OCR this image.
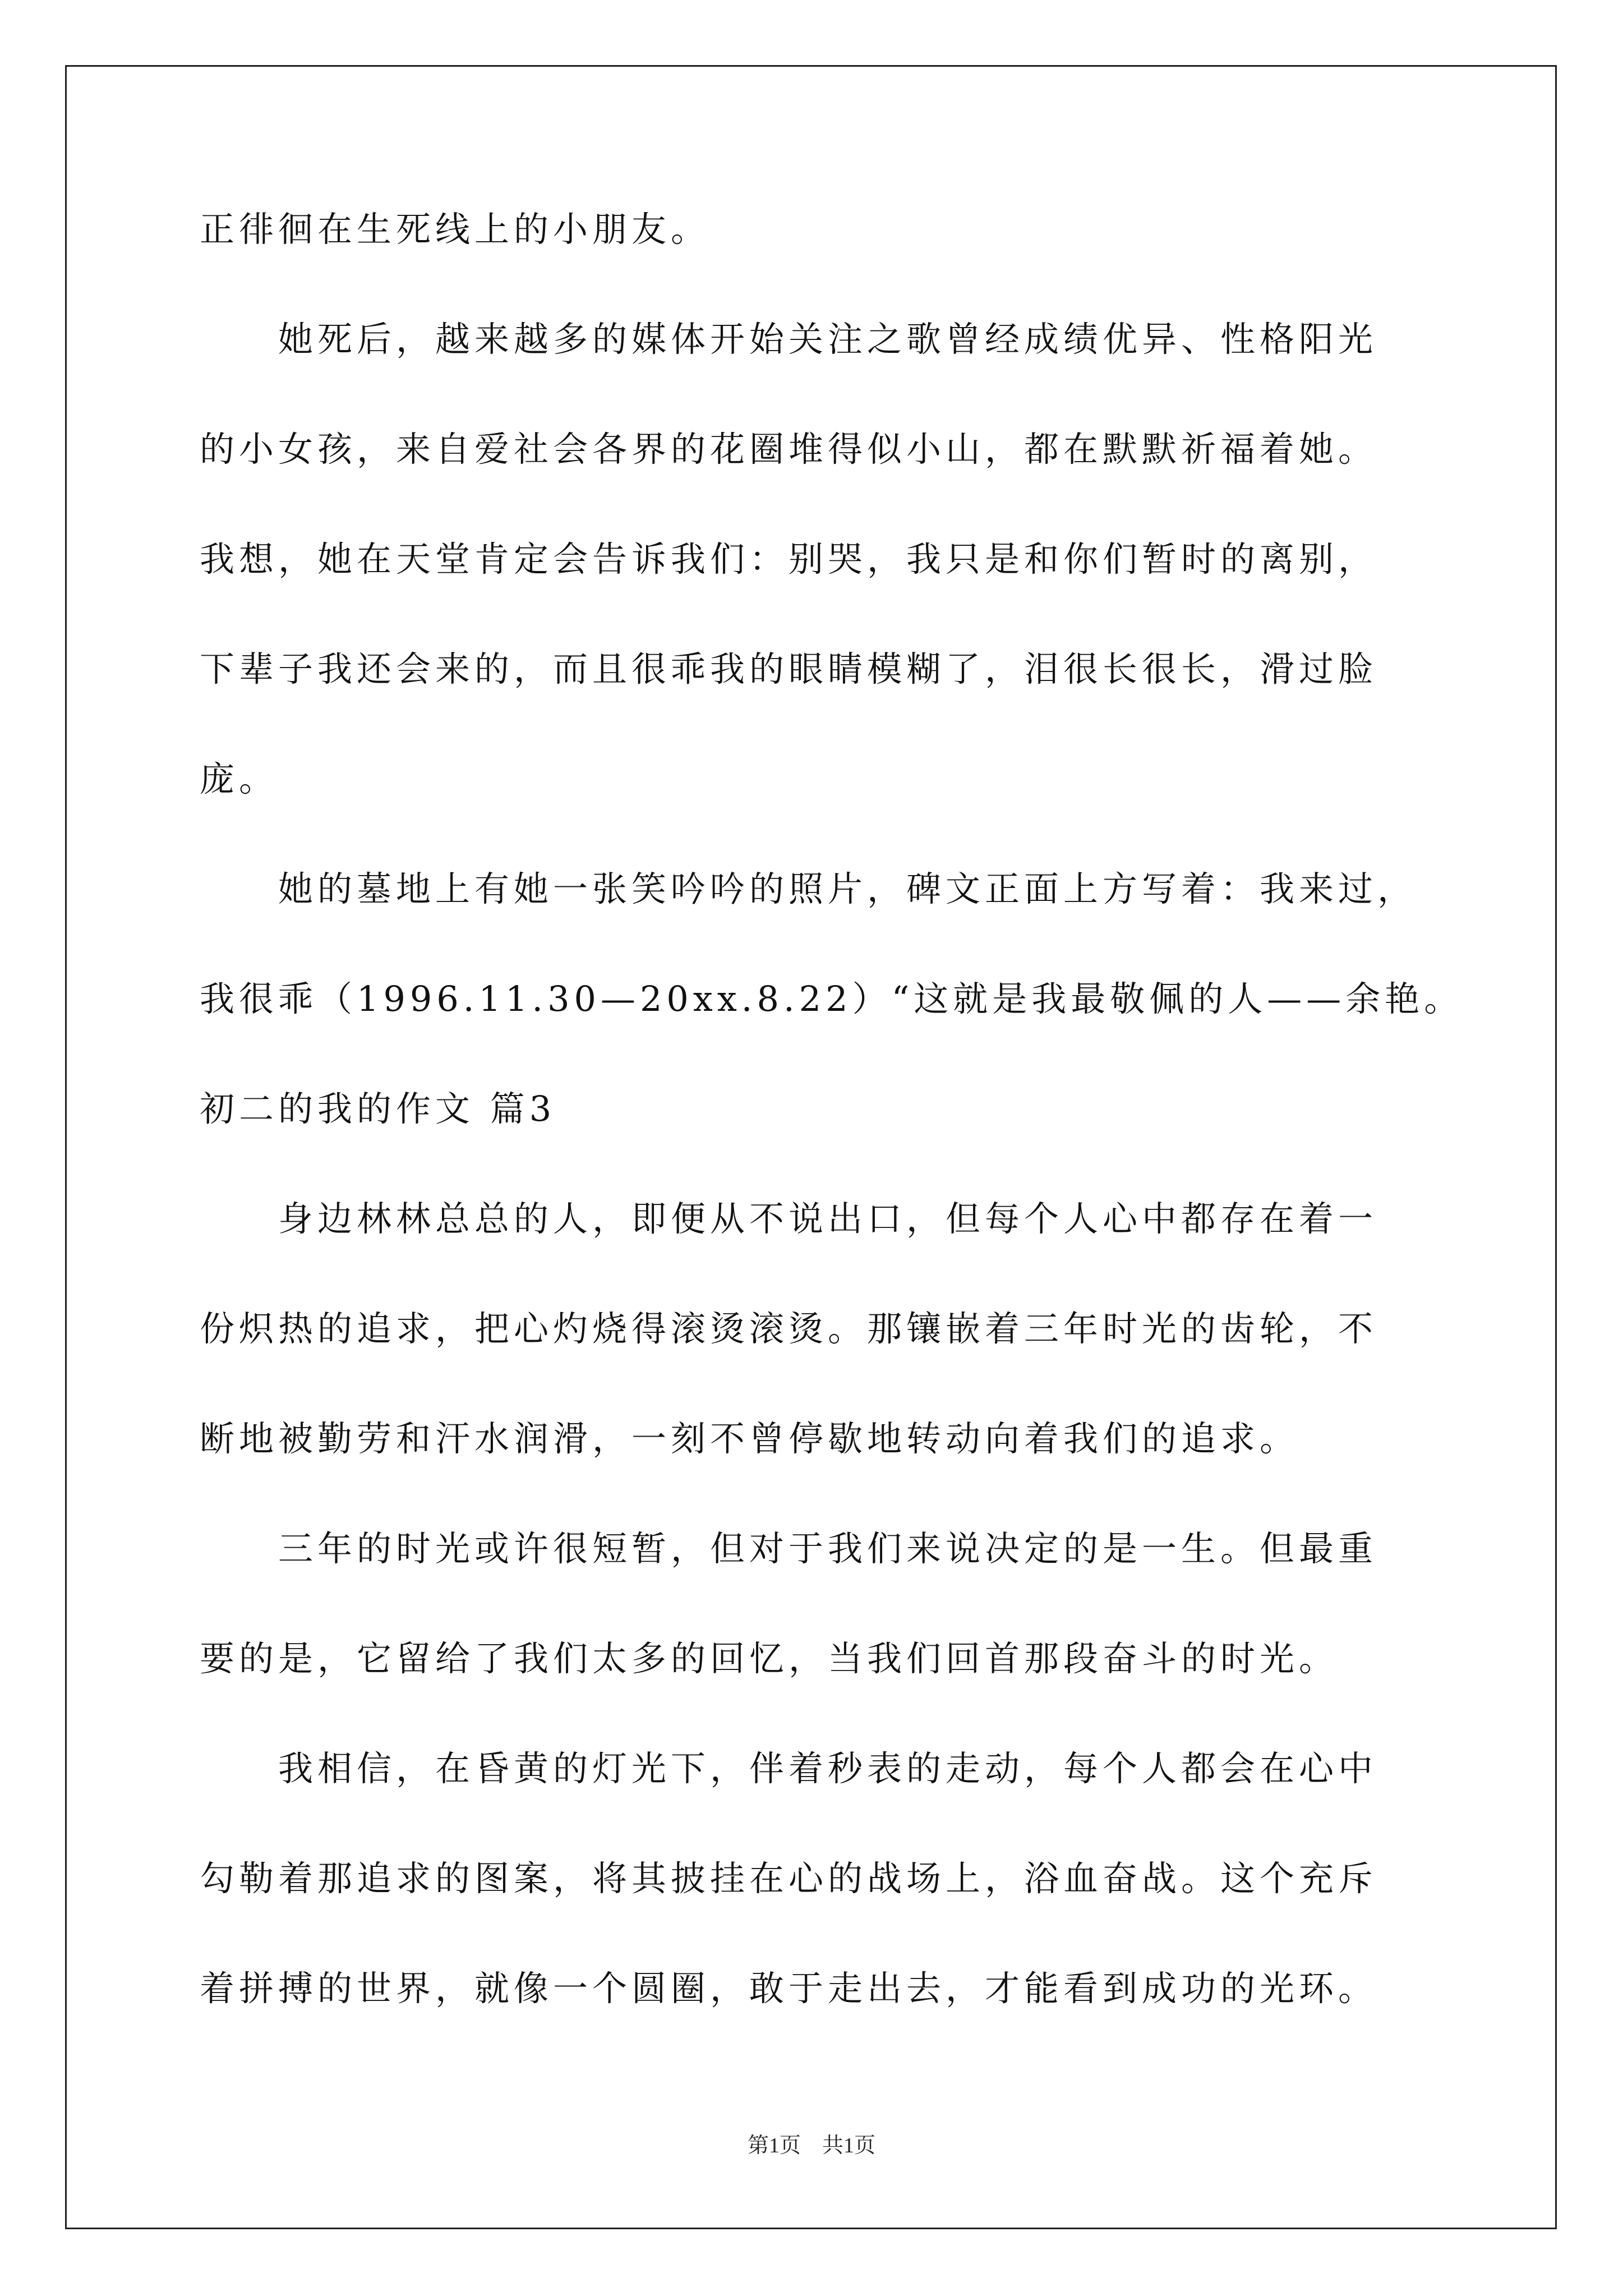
正徘徊在生死线上的小朋友。
　　她死后，越来越多的媒体开始关注之歌曾经成绩优异、性格阳光
的小女孩，来自爱社会各界的花圈堆得似小山，都在默默祈福着她。
我想，她在天堂肯定会告诉我们：别哭，我只是和你们暂时的离别，
下辈子我还会来的，而且很乖我的眼睛模糊了，泪很长很长，滑过脸
庞。
　　她的墓地上有她一张笑吟吟的照片，碑文正面上方写着：我来过，
我很乖（1996.11.30—20xx.8.22）“这就是我最敬佩的人——余艳。
初二的我的作文 篇3
　　身边林林总总的人，即便从不说出口，但每个人心中都存在着一
份炽热的追求，把心灼烧得滚烫滚烫。那镶嵌着三年时光的齿轮，不
断地被勤劳和汗水润滑，一刻不曾停歇地转动向着我们的追求。
　　三年的时光或许很短暂，但对于我们来说决定的是一生。但最重
要的是，它留给了我们太多的回忆，当我们回首那段奋斗的时光。
　　我相信，在昏黄的灯光下，伴着秒表的走动，每个人都会在心中
勾勒着那追求的图案，将其披挂在心的战场上，浴血奋战。这个充斥
着拼搏的世界，就像一个圆圈，敢于走出去，才能看到成功的光环。
第1页　共1页
